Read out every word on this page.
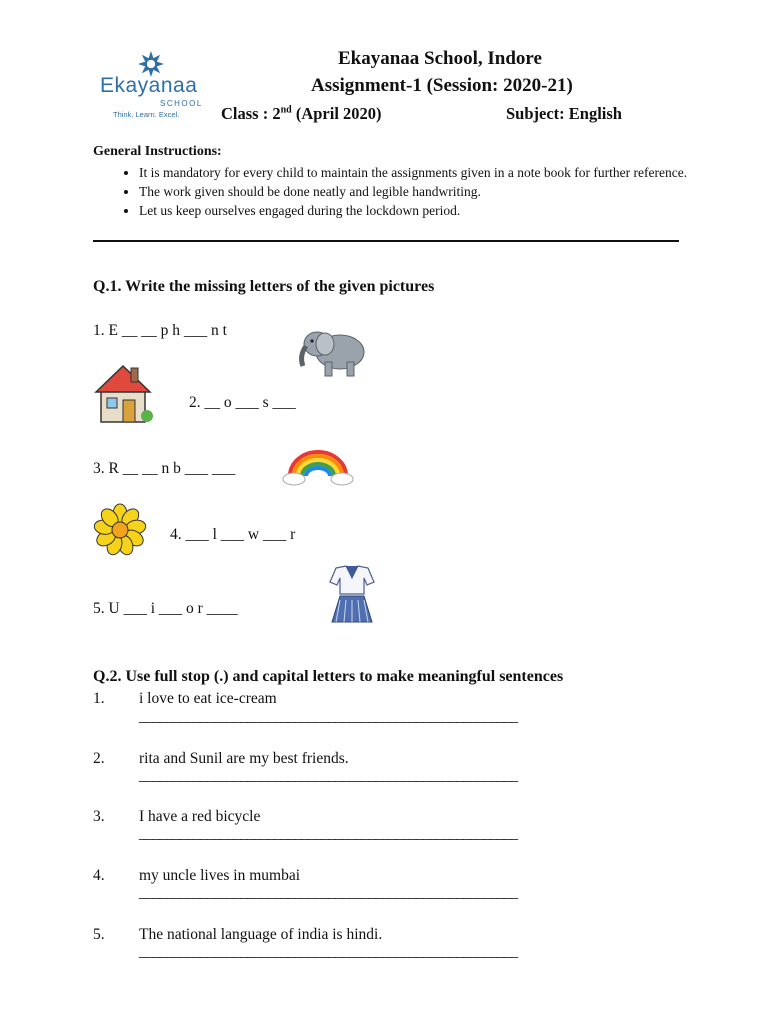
Ekayanaa
SCHOOL
Think. Learn. Excel.
Ekayanaa School, Indore
Assignment-1 (Session: 2020-21)
Class : 2nd (April 2020)	Subject: English
General Instructions:
• It is mandatory for every child to maintain the assignments given in a note book for further reference.
• The work given should be done neatly and legible handwriting.
• Let us keep ourselves engaged during the lockdown period.
Q.1. Write the missing letters of the given pictures
1. E __ __ p h ___ n t
2. __ o ___ s ___
3. R __ __ n b ___ ___
4. ___ l ___ w ___ r
5. U ___ i ___ o r ____
Q.2. Use full stop (.) and capital letters to make meaningful sentences
1. i love to eat ice-cream
________________________________________________________
2. rita and Sunil are my best friends.
________________________________________________________
3. I have a red bicycle
________________________________________________________
4. my uncle lives in mumbai
________________________________________________________
5. The national language of india is hindi.
________________________________________________________
